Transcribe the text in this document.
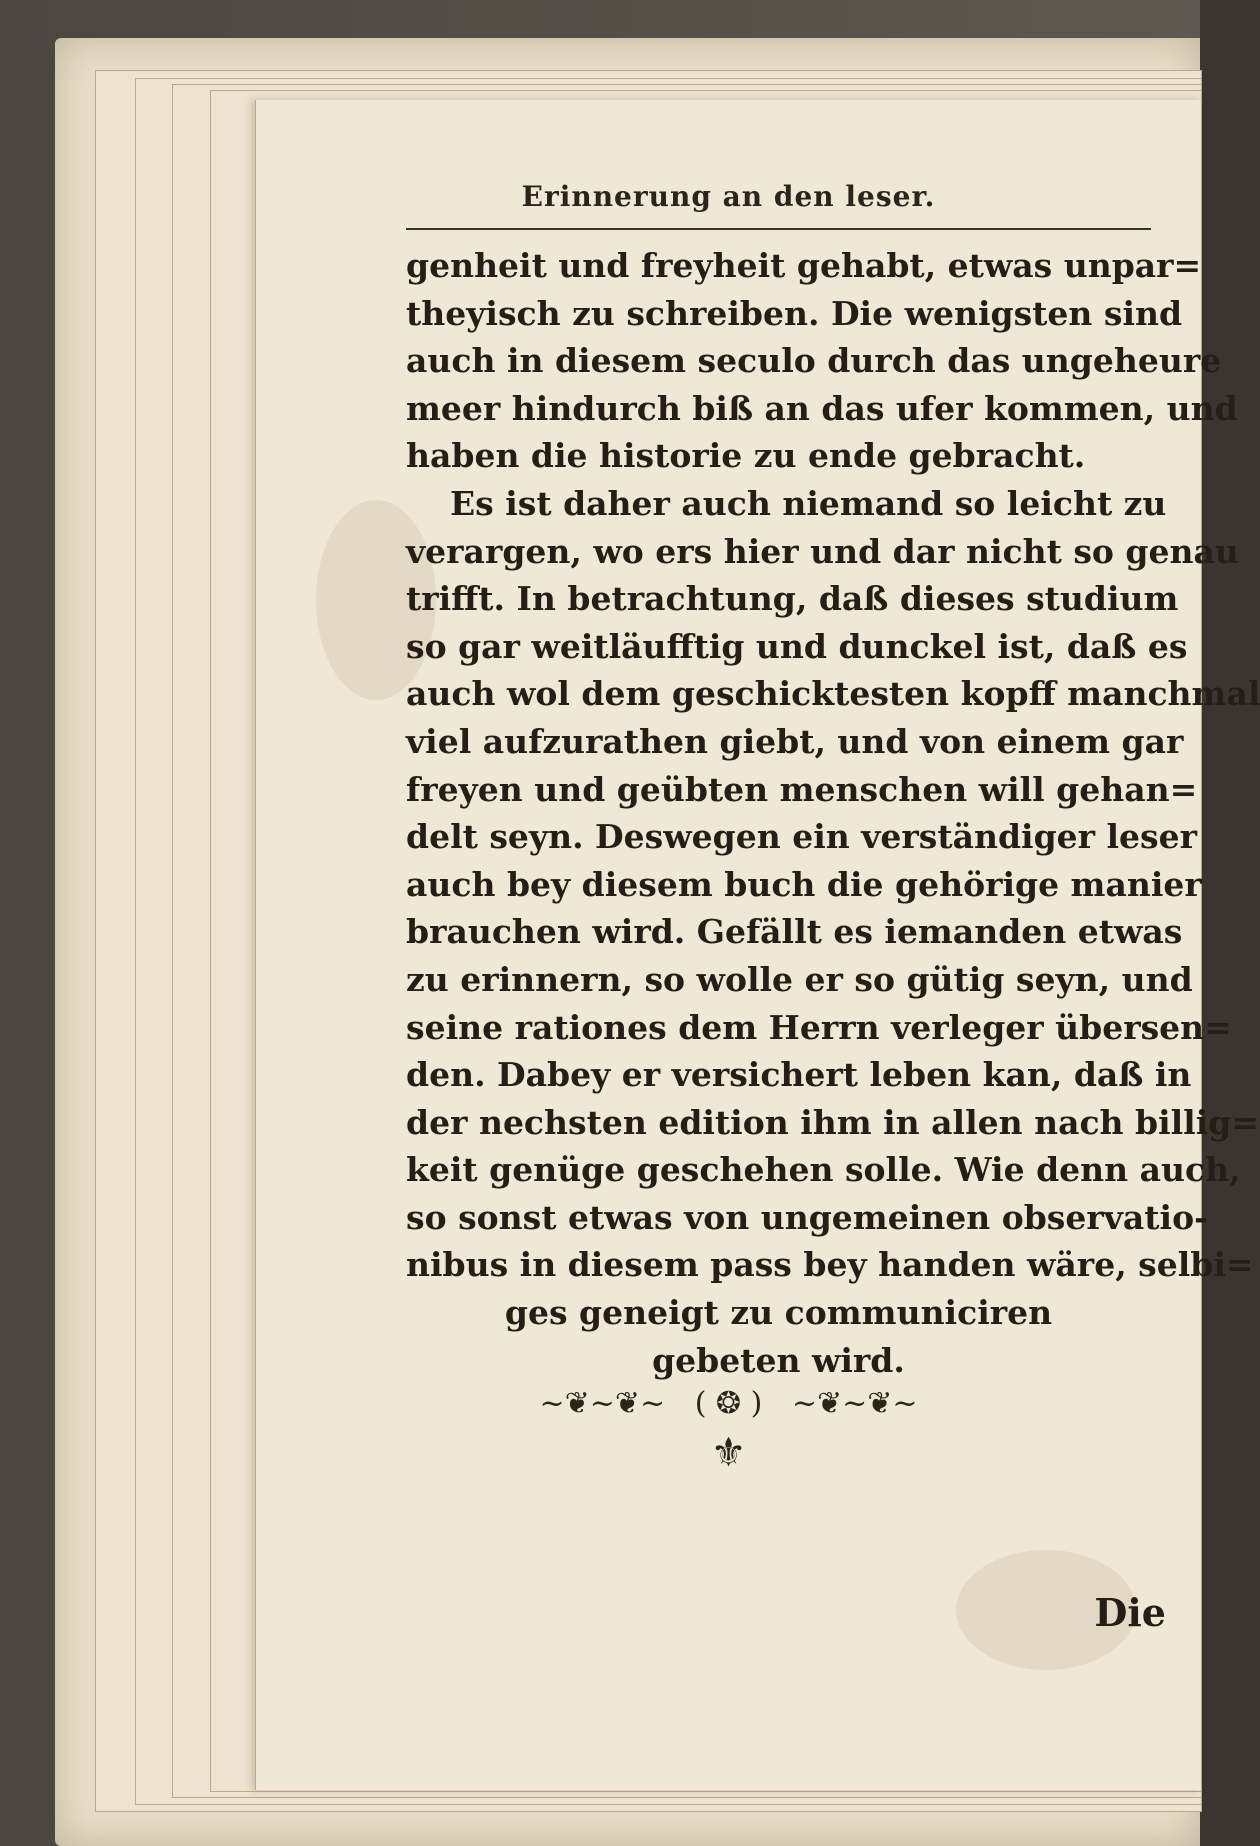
Erinnerung an den leser.
genheit und freyheit gehabt, etwas unpar=
theyisch zu schreiben. Die wenigsten sind
auch in diesem seculo durch das ungeheure
meer hindurch biß an das ufer kommen, und
haben die historie zu ende gebracht.
Es ist daher auch niemand so leicht zu
verargen, wo ers hier und dar nicht so genau
trifft. In betrachtung, daß dieses studium
so gar weitläufftig und dunckel ist, daß es
auch wol dem geschicktesten kopff manchmal
viel aufzurathen giebt, und von einem gar
freyen und geübten menschen will gehan=
delt seyn. Deswegen ein verständiger leser
auch bey diesem buch die gehörige manier
brauchen wird. Gefällt es iemanden etwas
zu erinnern, so wolle er so gütig seyn, und
seine rationes dem Herrn verleger übersen=
den. Dabey er versichert leben kan, daß in
der nechsten edition ihm in allen nach billig=
keit genüge geschehen solle. Wie denn auch,
so sonst etwas von ungemeinen observatio-
nibus in diesem pass bey handen wäre, selbi=
ges geneigt zu communiciren
gebeten wird.
~❦~❦~ ( ❂ ) ~❦~❦~
⚜
Die
